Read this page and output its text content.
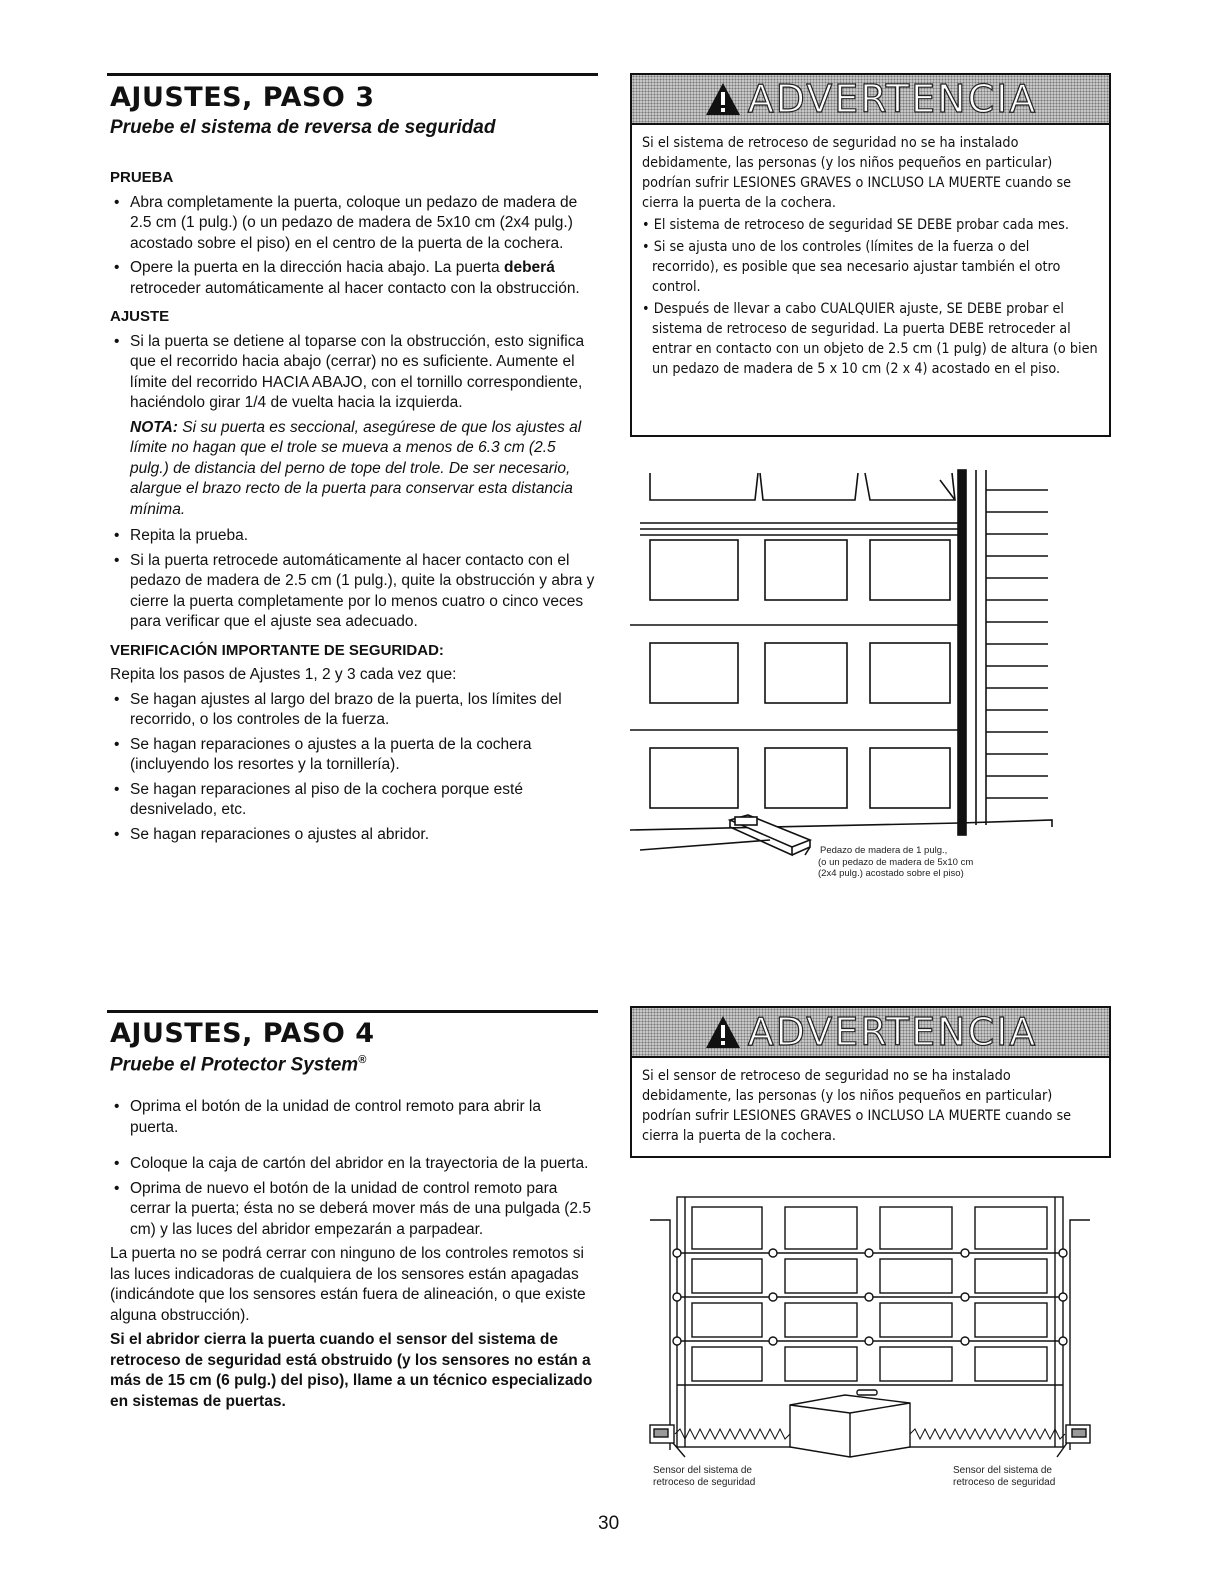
AJUSTES, PASO 3
Pruebe el sistema de reversa de seguridad
PRUEBA
• Abra completamente la puerta, coloque un pedazo de madera de 2.5 cm (1 pulg.) (o un pedazo de madera de 5x10 cm (2x4 pulg.) acostado sobre el piso) en el centro de la puerta de la cochera.
• Opere la puerta en la dirección hacia abajo. La puerta deberá retroceder automáticamente al hacer contacto con la obstrucción.
AJUSTE
• Si la puerta se detiene al toparse con la obstrucción, esto significa que el recorrido hacia abajo (cerrar) no es suficiente. Aumente el límite del recorrido HACIA ABAJO, con el tornillo correspondiente, haciéndolo girar 1/4 de vuelta hacia la izquierda.
NOTA: Si su puerta es seccional, asegúrese de que los ajustes al límite no hagan que el trole se mueva a menos de 6.3 cm (2.5 pulg.) de distancia del perno de tope del trole. De ser necesario, alargue el brazo recto de la puerta para conservar esta distancia mínima.
• Repita la prueba.
• Si la puerta retrocede automáticamente al hacer contacto con el pedazo de madera de 2.5 cm (1 pulg.), quite la obstrucción y abra y cierre la puerta completamente por lo menos cuatro o cinco veces para verificar que el ajuste sea adecuado.
VERIFICACIÓN IMPORTANTE DE SEGURIDAD:
Repita los pasos de Ajustes 1, 2 y 3 cada vez que:
• Se hagan ajustes al largo del brazo de la puerta, los límites del recorrido, o los controles de la fuerza.
• Se hagan reparaciones o ajustes a la puerta de la cochera (incluyendo los resortes y la tornillería).
• Se hagan reparaciones al piso de la cochera porque esté desnivelado, etc.
• Se hagan reparaciones o ajustes al abridor.
ADVERTENCIA

Si el sistema de retroceso de seguridad no se ha instalado debidamente, las personas (y los niños pequeños en particular) podrían sufrir LESIONES GRAVES o INCLUSO LA MUERTE cuando se cierra la puerta de la cochera.

• El sistema de retroceso de seguridad SE DEBE probar cada mes.

• Si se ajusta uno de los controles (límites de la fuerza o del recorrido), es posible que sea necesario ajustar también el otro control.

• Después de llevar a cabo CUALQUIER ajuste, SE DEBE probar el sistema de retroceso de seguridad. La puerta DEBE retroceder al entrar en contacto con un objeto de 2.5 cm (1 pulg) de altura (o bien un pedazo de madera de 5 x 10 cm (2 x 4) acostado en el piso.

Pedazo de madera de 1 pulg.,
(o un pedazo de madera de 5x10 cm
(2x4 pulg.) acostado sobre el piso)
AJUSTES, PASO 4
Pruebe el Protector System®
• Oprima el botón de la unidad de control remoto para abrir la puerta.
• Coloque la caja de cartón del abridor en la trayectoria de la puerta.
• Oprima de nuevo el botón de la unidad de control remoto para cerrar la puerta; ésta no se deberá mover más de una pulgada (2.5 cm) y las luces del abridor empezarán a parpadear.
La puerta no se podrá cerrar con ninguno de los controles remotos si las luces indicadoras de cualquiera de los sensores están apagadas (indicándote que los sensores están fuera de alineación, o que existe alguna obstrucción).
Si el abridor cierra la puerta cuando el sensor del sistema de retroceso de seguridad está obstruido (y los sensores no están a más de 15 cm (6 pulg.) del piso), llame a un técnico especializado en sistemas de puertas.
ADVERTENCIA

Si el sensor de retroceso de seguridad no se ha instalado debidamente, las personas (y los niños pequeños en particular) podrían sufrir LESIONES GRAVES o INCLUSO LA MUERTE cuando se cierra la puerta de la cochera.

Sensor del sistema de
retroceso de seguridad
Sensor del sistema de
retroceso de seguridad
30
